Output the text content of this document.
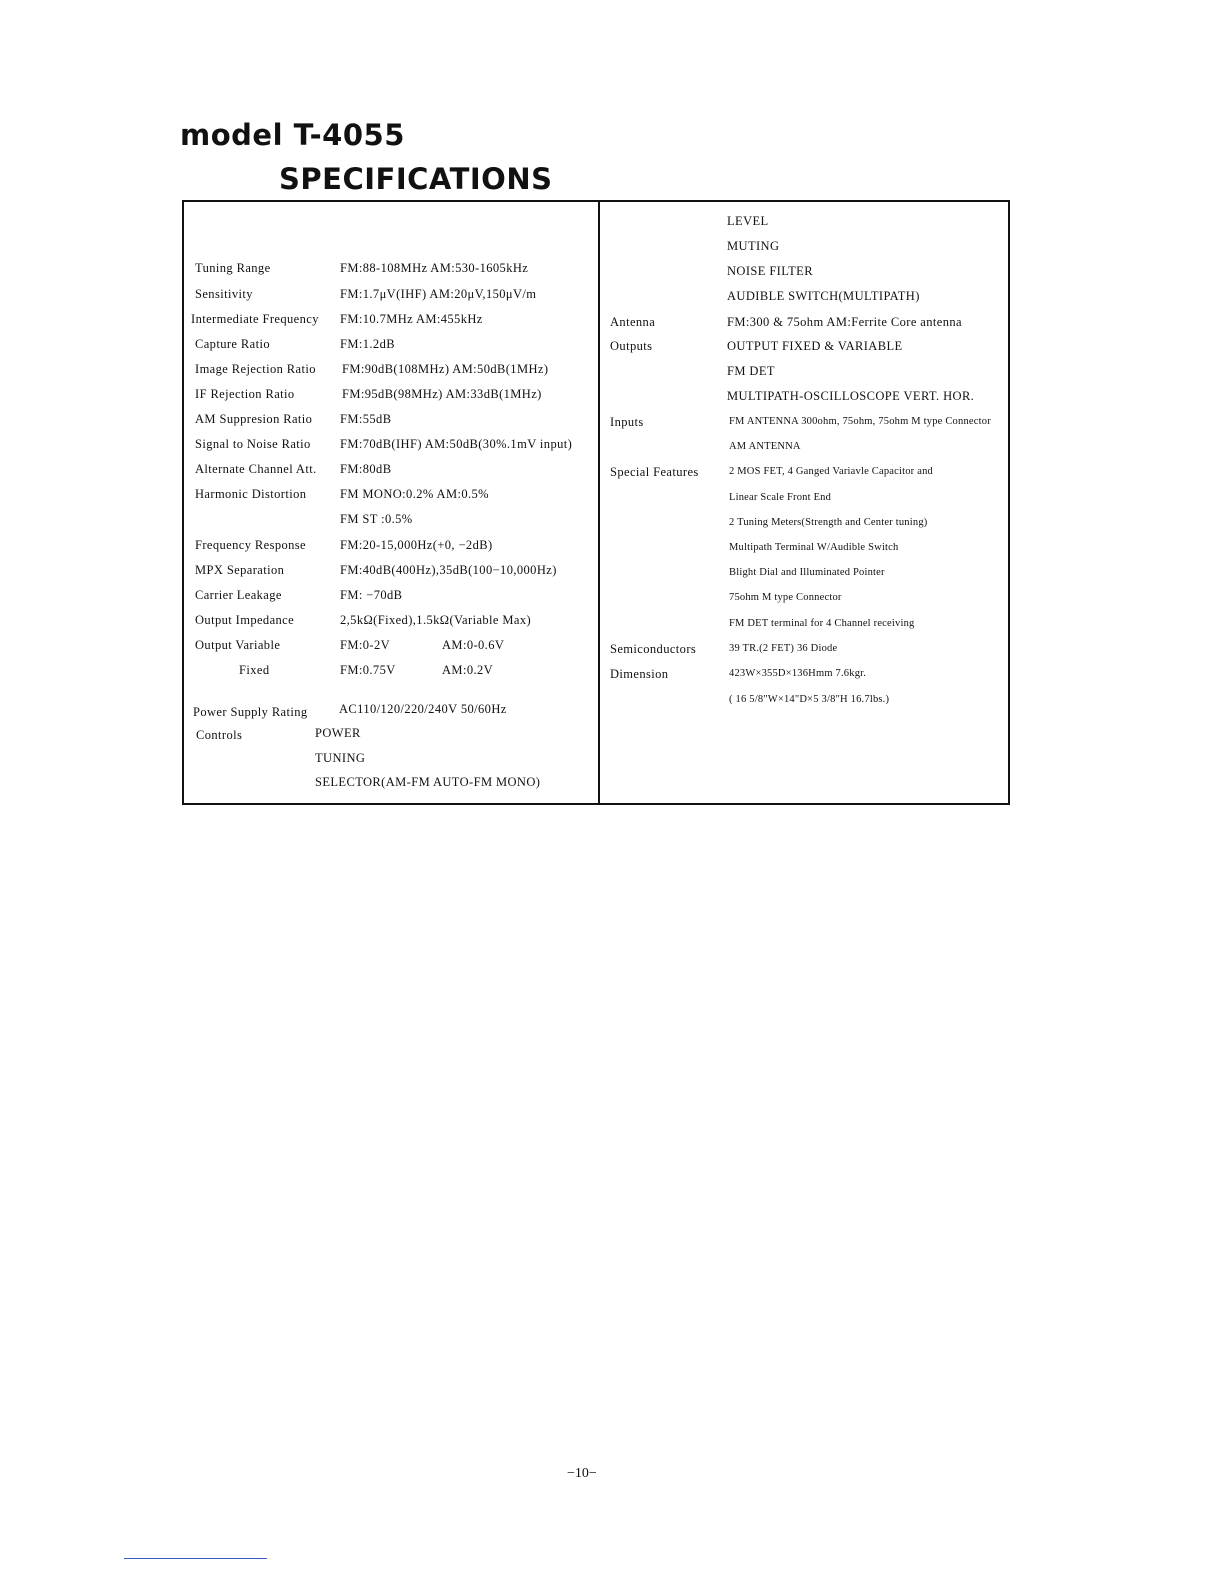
model T-4055
SPECIFICATIONS
Tuning Range	FM:88-108MHz AM:530-1605kHz
Sensitivity	FM:1.7μV(IHF) AM:20μV,150μV/m
Intermediate Frequency FM:10.7MHz AM:455kHz
Capture Ratio	FM:1.2dB
Image Rejection Ratio FM:90dB(108MHz) AM:50dB(1MHz)
IF Rejection Ratio	FM:95dB(98MHz) AM:33dB(1MHz)
AM Suppresion Ratio FM:55dB
Signal to Noise Ratio FM:70dB(IHF) AM:50dB(30%.1mV input)
Alternate Channel Att. FM:80dB
Harmonic Distortion	FM MONO:0.2% AM:0.5%
FM ST :0.5%
Frequency Response	FM:20-15,000Hz(+0, −2dB)
MPX Separation	FM:40dB(400Hz),35dB(100−10,000Hz)
Carrier Leakage	FM: −70dB
Output Impedance	2,5kΩ(Fixed),1.5kΩ(Variable Max)
Output Variable	FM:0-2V	AM:0-0.6V
Fixed	FM:0.75V	AM:0.2V
Power Supply Rating	AC110/120/220/240V 50/60Hz
Controls	POWER
TUNING
SELECTOR(AM-FM AUTO-FM MONO)
LEVEL
MUTING
NOISE FILTER
AUDIBLE SWITCH(MULTIPATH)
Antenna	FM:300 & 75ohm AM:Ferrite Core antenna
Outputs	OUTPUT FIXED & VARIABLE
FM DET
MULTIPATH-OSCILLOSCOPE VERT. HOR.
Inputs	FM ANTENNA 300ohm, 75ohm, 75ohm M type Connector
AM ANTENNA
Special Features	2 MOS FET, 4 Ganged Variavle Capacitor and
Linear Scale Front End
2 Tuning Meters(Strength and Center tuning)
Multipath Terminal W/Audible Switch
Blight Dial and Illuminated Pointer
75ohm M type Connector
FM DET terminal for 4 Channel receiving
Semiconductors	39 TR.(2 FET) 36 Diode
Dimension	423W×355D×136Hmm 7.6kgr.
( 16 5/8"W×14"D×5 3/8"H 16.7lbs.)
−10−
